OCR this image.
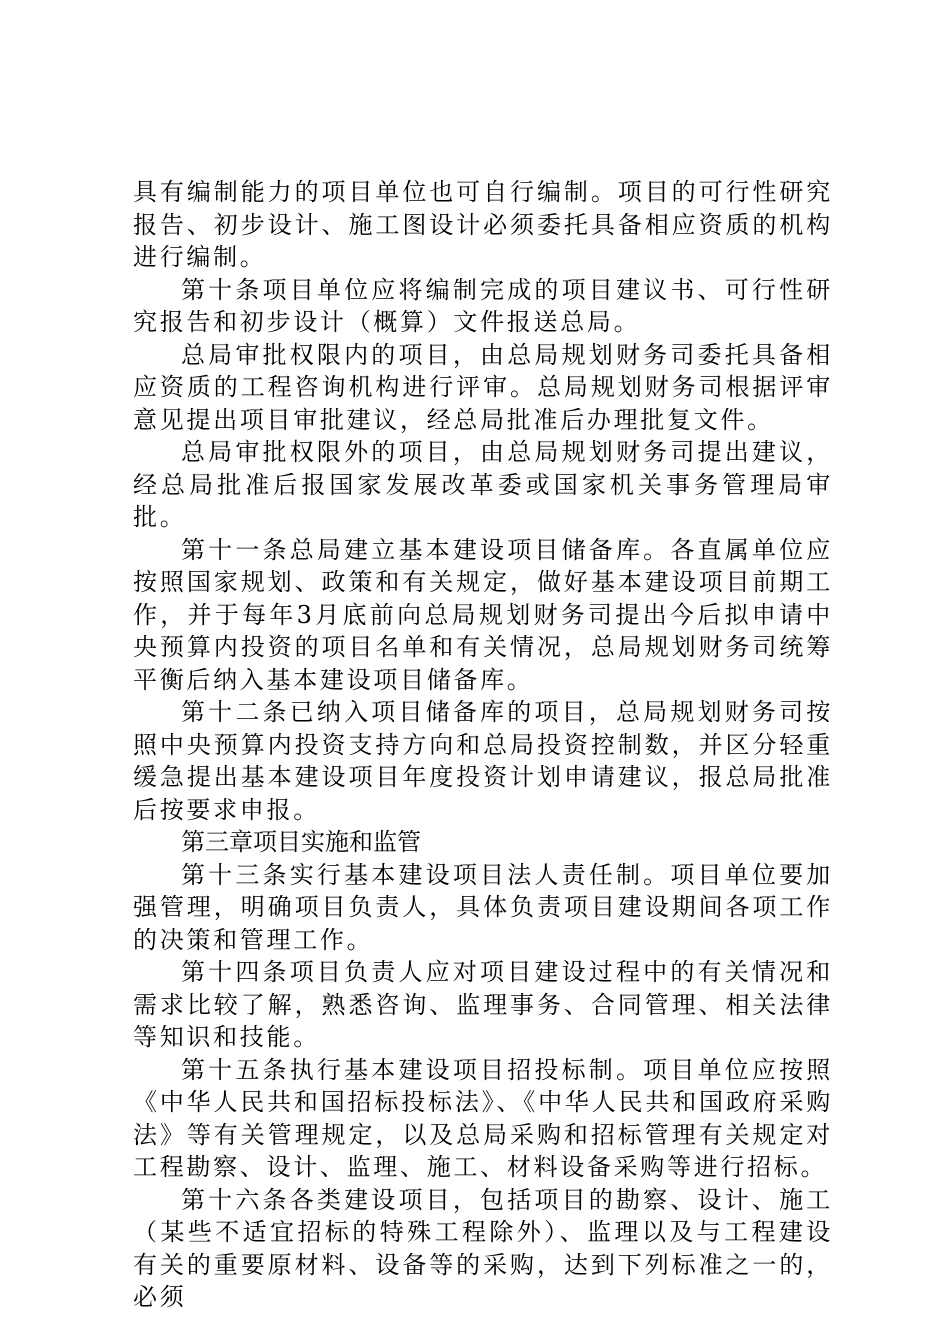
具有编制能力的项目单位也可自行编制。项目的可行性研究报告、初步设计、施工图设计必须委托具备相应资质的机构进行编制。

第十条项目单位应将编制完成的项目建议书、可行性研究报告和初步设计（概算）文件报送总局。

总局审批权限内的项目，由总局规划财务司委托具备相应资质的工程咨询机构进行评审。总局规划财务司根据评审意见提出项目审批建议，经总局批准后办理批复文件。

总局审批权限外的项目，由总局规划财务司提出建议，经总局批准后报国家发展改革委或国家机关事务管理局审批。

第十一条总局建立基本建设项目储备库。各直属单位应按照国家规划、政策和有关规定，做好基本建设项目前期工作，并于每年3月底前向总局规划财务司提出今后拟申请中央预算内投资的项目名单和有关情况，总局规划财务司统筹平衡后纳入基本建设项目储备库。

第十二条已纳入项目储备库的项目，总局规划财务司按照中央预算内投资支持方向和总局投资控制数，并区分轻重缓急提出基本建设项目年度投资计划申请建议，报总局批准后按要求申报。

第三章项目实施和监管

第十三条实行基本建设项目法人责任制。项目单位要加强管理，明确项目负责人，具体负责项目建设期间各项工作的决策和管理工作。

第十四条项目负责人应对项目建设过程中的有关情况和需求比较了解，熟悉咨询、监理事务、合同管理、相关法律等知识和技能。

第十五条执行基本建设项目招投标制。项目单位应按照《中华人民共和国招标投标法》、《中华人民共和国政府采购法》等有关管理规定，以及总局采购和招标管理有关规定对工程勘察、设计、监理、施工、材料设备采购等进行招标。

第十六条各类建设项目，包括项目的勘察、设计、施工（某些不适宜招标的特殊工程除外）、监理以及与工程建设有关的重要原材料、设备等的采购，达到下列标准之一的，必须
